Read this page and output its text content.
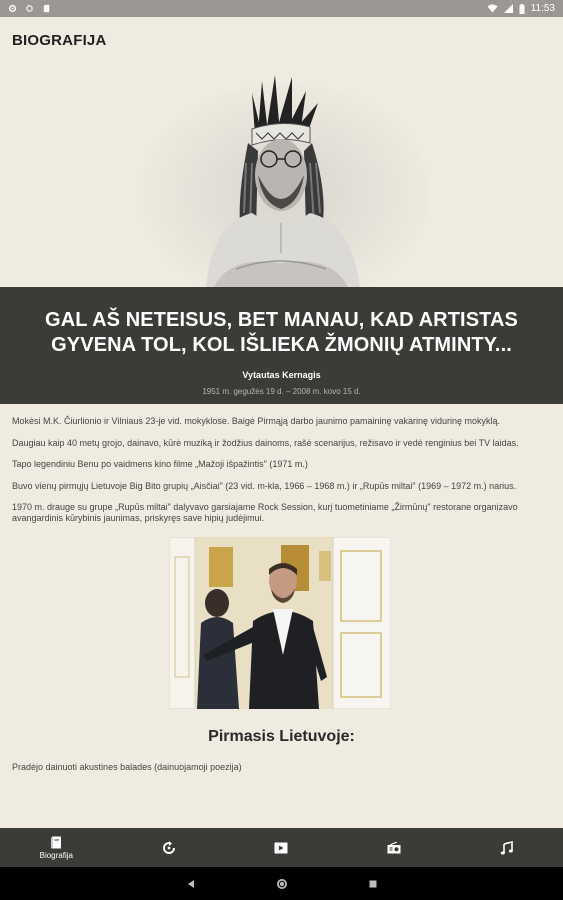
11:53
BIOGRAFIJA
GAL AŠ NETEISUS, BET MANAU, KAD ARTISTAS GYVENA TOL, KOL IŠLIEKA ŽMONIŲ ATMINTY...
Vytautas Kernagis
1951 m. gegužės 19 d. – 2008 m. kovo 15 d.

Mokėsi M.K. Čiurlionio ir Vilniaus 23-je vid. mokyklose. Baigė Pirmąją darbo jaunimo pamaininę vakarinę vidurinę mokyklą.

Daugiau kaip 40 metų grojo, dainavo, kūrė muziką ir žodžius dainoms, rašė scenarijus, režisavo ir vedė renginius bei TV laidas.

Tapo legendiniu Benu po vaidmens kino filme „Mažoji išpažintis" (1971 m.)

Buvo vienų pirmųjų Lietuvoje Big Bito grupių „Aisčiai" (23 vid. m-kla, 1966 – 1968 m.) ir „Rupūs miltai" (1969 – 1972 m.) narius.

1970 m. drauge su grupe „Rupūs miltai" dalyvavo garsiajame Rock Session, kurį tuometiniame „Žirmūnų" restorane organizavo avangardinis kūrybinis jaunimas, priskyręs save hipių judėjimui.

Pirmasis Lietuvoje:

Pradėjo dainuoti akustines balades (dainuojamoji poezija)

Biografija
